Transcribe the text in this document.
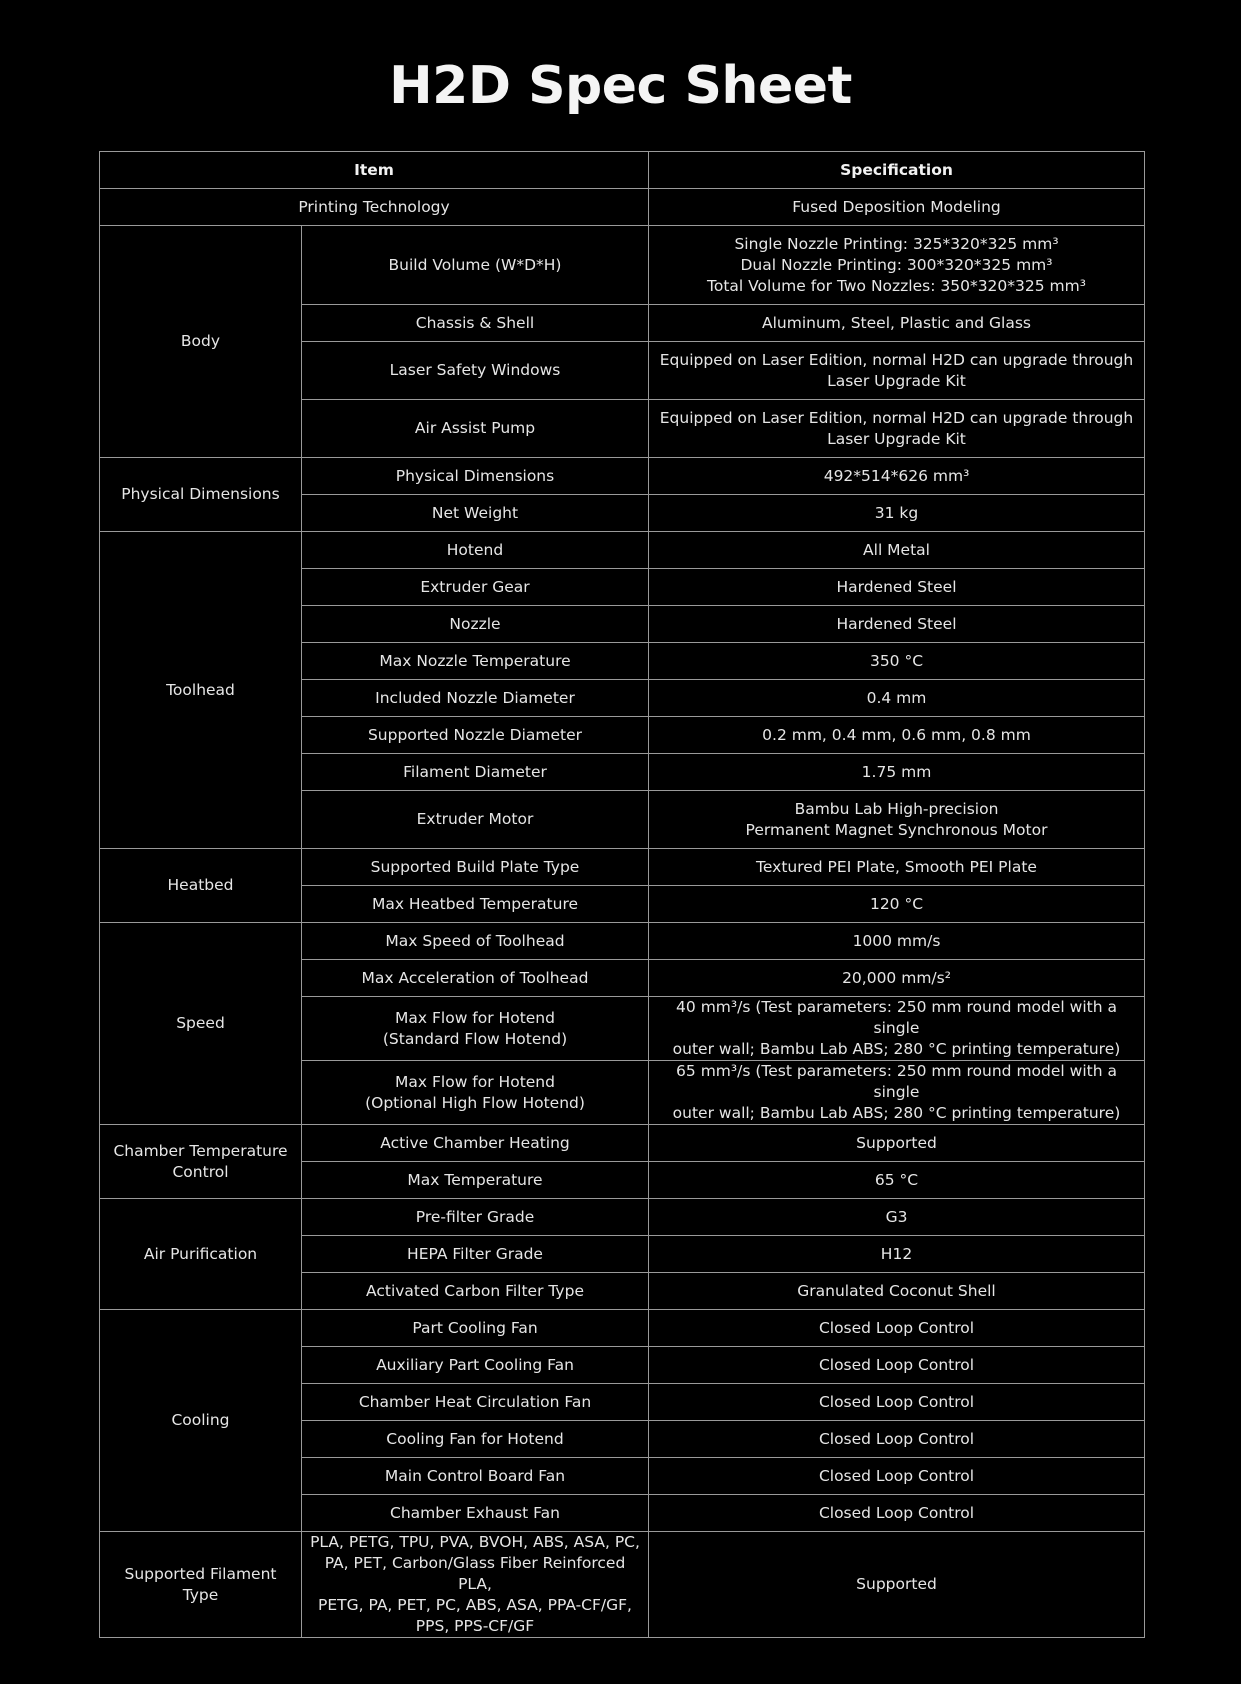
H2D Spec Sheet
Item		Specification
Printing Technology		Fused Deposition Modeling
Body	Build Volume (W*D*H)	Single Nozzle Printing: 325*320*325 mm³
Dual Nozzle Printing: 300*320*325 mm³
Total Volume for Two Nozzles: 350*320*325 mm³
	Chassis & Shell	Aluminum, Steel, Plastic and Glass
	Laser Safety Windows	Equipped on Laser Edition, normal H2D can upgrade through
Laser Upgrade Kit
	Air Assist Pump	Equipped on Laser Edition, normal H2D can upgrade through
Laser Upgrade Kit
Physical Dimensions	Physical Dimensions	492*514*626 mm³
	Net Weight	31 kg
Toolhead	Hotend	All Metal
	Extruder Gear	Hardened Steel
	Nozzle	Hardened Steel
	Max Nozzle Temperature	350 °C
	Included Nozzle Diameter	0.4 mm
	Supported Nozzle Diameter	0.2 mm, 0.4 mm, 0.6 mm, 0.8 mm
	Filament Diameter	1.75 mm
	Extruder Motor	Bambu Lab High-precision
Permanent Magnet Synchronous Motor
Heatbed	Supported Build Plate Type	Textured PEI Plate, Smooth PEI Plate
	Max Heatbed Temperature	120 °C
Speed	Max Speed of Toolhead	1000 mm/s
	Max Acceleration of Toolhead	20,000 mm/s²
	Max Flow for Hotend
(Standard Flow Hotend)	40 mm³/s (Test parameters: 250 mm round model with a single
outer wall; Bambu Lab ABS; 280 °C printing temperature)
	Max Flow for Hotend
(Optional High Flow Hotend)	65 mm³/s (Test parameters: 250 mm round model with a single
outer wall; Bambu Lab ABS; 280 °C printing temperature)
Chamber Temperature
Control	Active Chamber Heating	Supported
	Max Temperature	65 °C
Air Purification	Pre-filter Grade	G3
	HEPA Filter Grade	H12
	Activated Carbon Filter Type	Granulated Coconut Shell
Cooling	Part Cooling Fan	Closed Loop Control
	Auxiliary Part Cooling Fan	Closed Loop Control
	Chamber Heat Circulation Fan	Closed Loop Control
	Cooling Fan for Hotend	Closed Loop Control
	Main Control Board Fan	Closed Loop Control
	Chamber Exhaust Fan	Closed Loop Control
Supported Filament Type	PLA, PETG, TPU, PVA, BVOH, ABS, ASA, PC,
PA, PET, Carbon/Glass Fiber Reinforced PLA,
PETG, PA, PET, PC, ABS, ASA, PPA-CF/GF,
PPS, PPS-CF/GF	Supported
